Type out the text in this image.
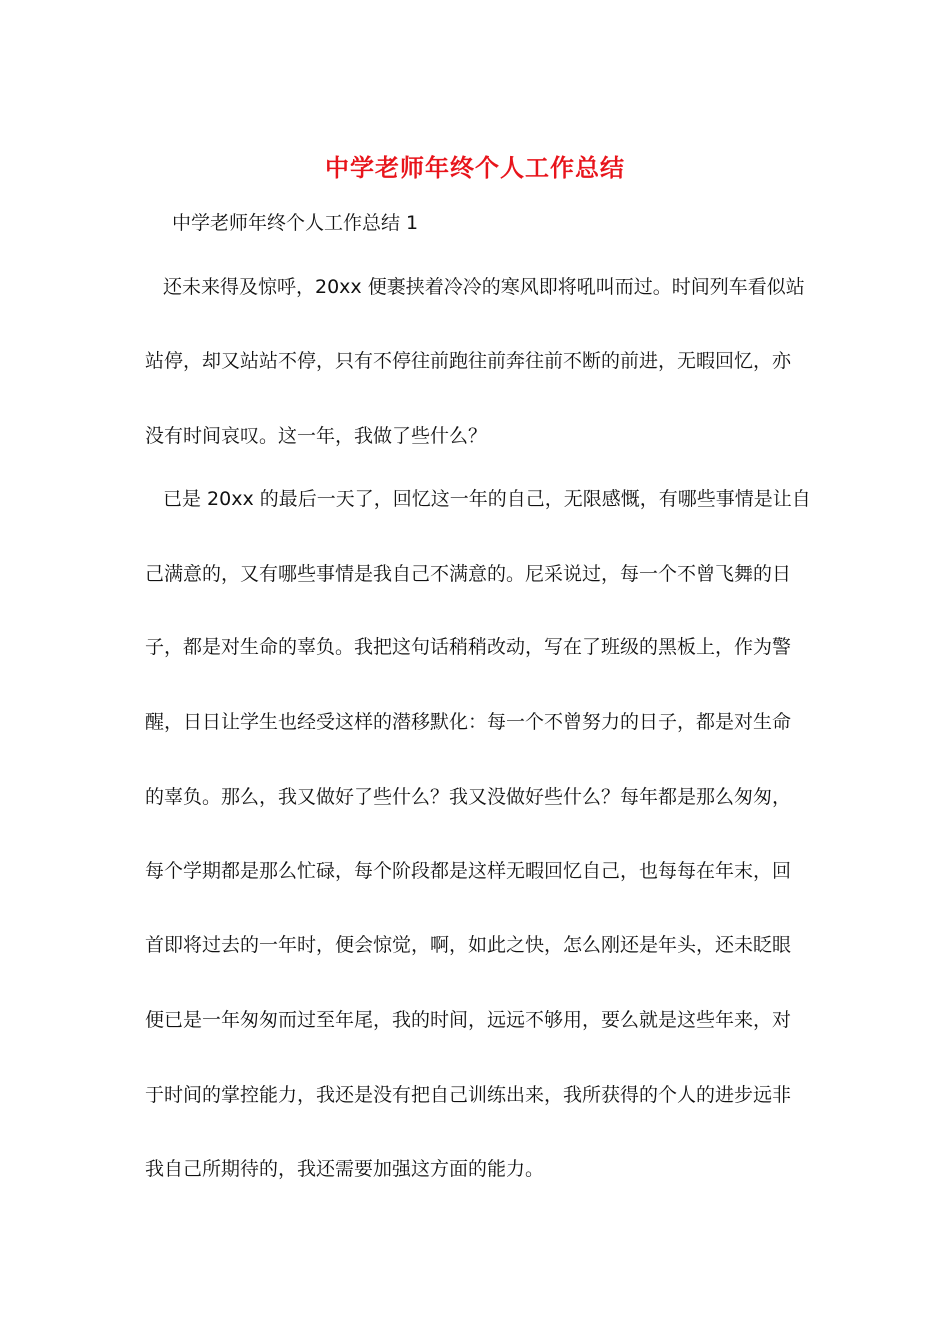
中学老师年终个人工作总结
中学老师年终个人工作总结 1
还未来得及惊呼，20xx 便裹挟着冷冷的寒风即将吼叫而过。时间列车看似站
站停，却又站站不停，只有不停往前跑往前奔往前不断的前进，无暇回忆，亦
没有时间哀叹。这一年，我做了些什么？
已是 20xx 的最后一天了，回忆这一年的自己，无限感慨，有哪些事情是让自
己满意的，又有哪些事情是我自己不满意的。尼采说过，每一个不曾飞舞的日
子，都是对生命的辜负。我把这句话稍稍改动，写在了班级的黑板上，作为警
醒，日日让学生也经受这样的潜移默化：每一个不曾努力的日子，都是对生命
的辜负。那么，我又做好了些什么？我又没做好些什么？每年都是那么匆匆，
每个学期都是那么忙碌，每个阶段都是这样无暇回忆自己，也每每在年末，回
首即将过去的一年时，便会惊觉，啊，如此之快，怎么刚还是年头，还未眨眼
便已是一年匆匆而过至年尾，我的时间，远远不够用，要么就是这些年来，对
于时间的掌控能力，我还是没有把自己训练出来，我所获得的个人的进步远非
我自己所期待的，我还需要加强这方面的能力。
